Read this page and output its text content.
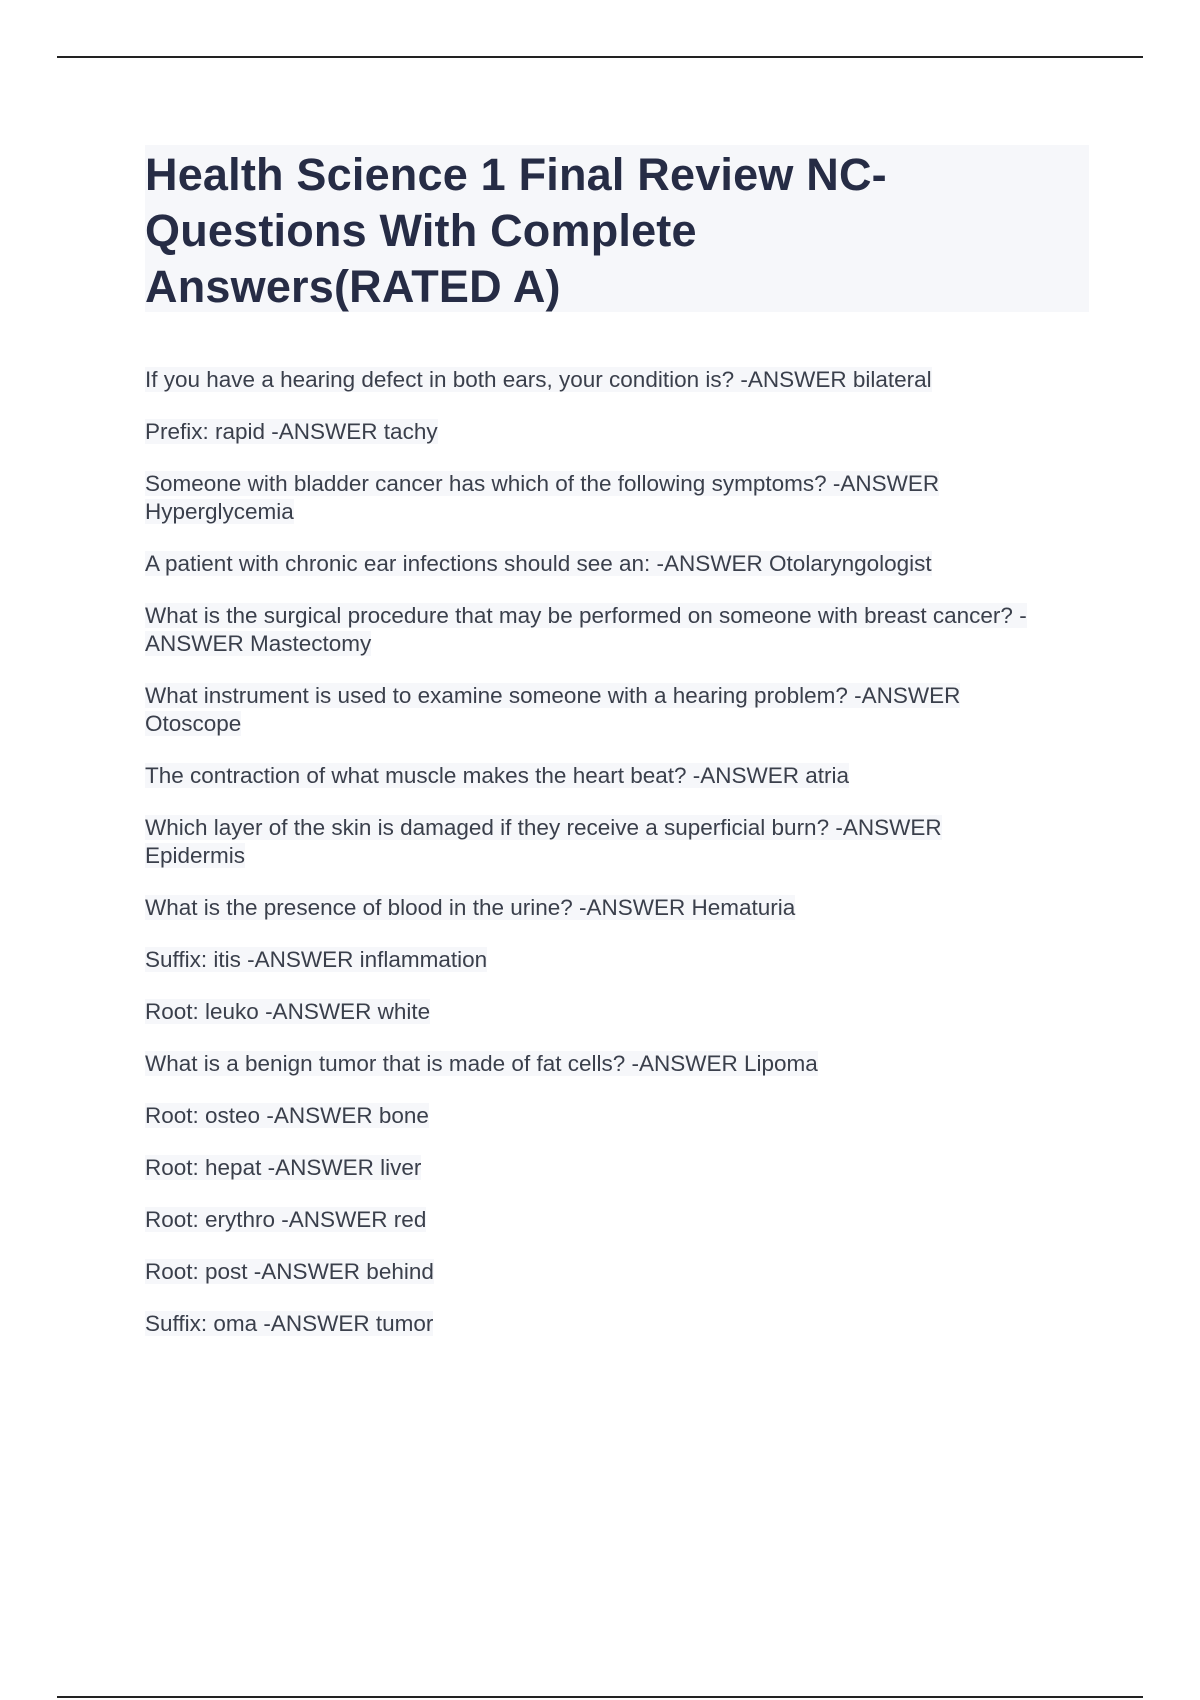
Health Science 1 Final Review NC-Questions With Complete Answers(RATED A)

If you have a hearing defect in both ears, your condition is? -ANSWER bilateral

Prefix: rapid -ANSWER tachy

Someone with bladder cancer has which of the following symptoms? -ANSWER Hyperglycemia

A patient with chronic ear infections should see an: -ANSWER Otolaryngologist

What is the surgical procedure that may be performed on someone with breast cancer? -ANSWER Mastectomy

What instrument is used to examine someone with a hearing problem? -ANSWER Otoscope

The contraction of what muscle makes the heart beat? -ANSWER atria

Which layer of the skin is damaged if they receive a superficial burn? -ANSWER Epidermis

What is the presence of blood in the urine? -ANSWER Hematuria

Suffix: itis -ANSWER inflammation

Root: leuko -ANSWER white

What is a benign tumor that is made of fat cells? -ANSWER Lipoma

Root: osteo -ANSWER bone

Root: hepat -ANSWER liver

Root: erythro -ANSWER red

Root: post -ANSWER behind

Suffix: oma -ANSWER tumor
